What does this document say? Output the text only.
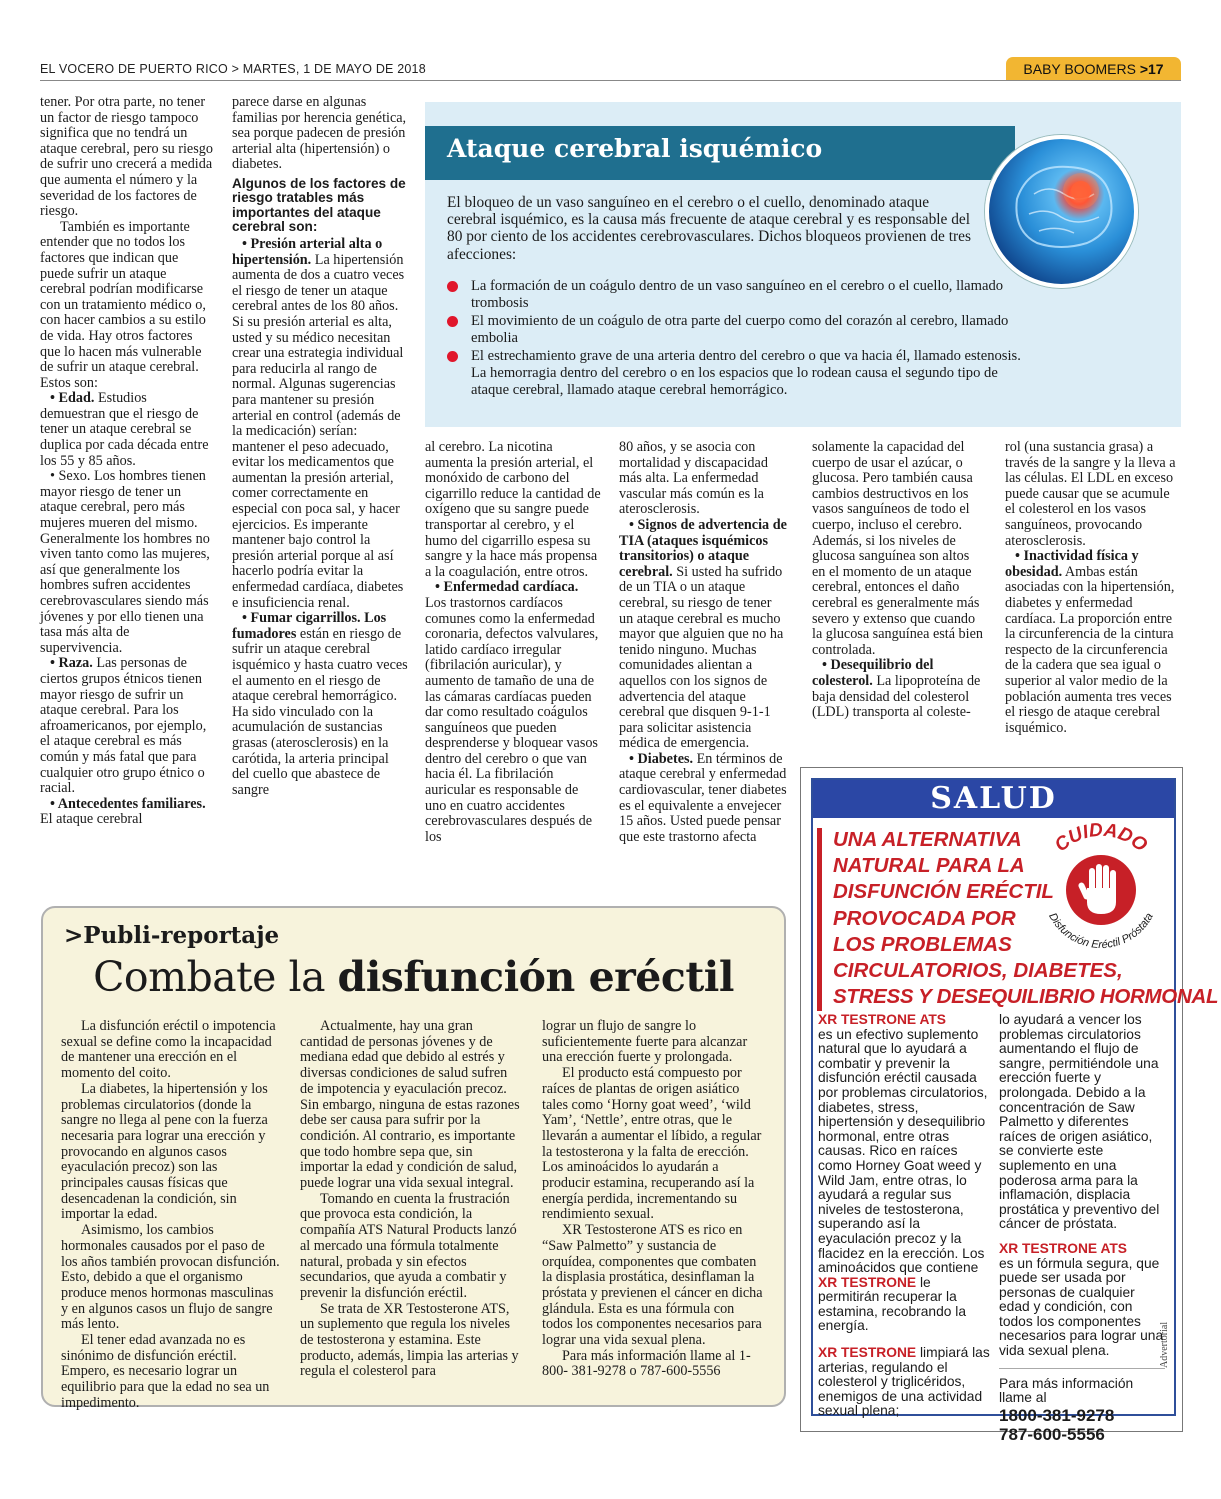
EL VOCERO DE PUERTO RICO > MARTES, 1 DE MAYO DE 2018	BABY BOOMERS >17

tener. Por otra parte, no tener un factor de riesgo tampoco significa que no tendrá un ataque cerebral, pero su riesgo de sufrir uno crecerá a medida que aumenta el número y la severidad de los factores de riesgo.

También es importante entender que no todos los factores que indican que puede sufrir un ataque cerebral podrían modificarse con un tratamiento médico o, con hacer cambios a su estilo de vida. Hay otros factores que lo hacen más vulnerable de sufrir un ataque cerebral. Estos son:

• Edad. Estudios demuestran que el riesgo de tener un ataque cerebral se duplica por cada década entre los 55 y 85 años.

• Sexo. Los hombres tienen mayor riesgo de tener un ataque cerebral, pero más mujeres mueren del mismo. Generalmente los hombres no viven tanto como las mujeres, así que generalmente los hombres sufren accidentes cerebrovasculares siendo más jóvenes y por ello tienen una tasa más alta de supervivencia.

• Raza. Las personas de ciertos grupos étnicos tienen mayor riesgo de sufrir un ataque cerebral. Para los afroamericanos, por ejemplo, el ataque cerebral es más común y más fatal que para cualquier otro grupo étnico o racial.

• Antecedentes familiares. El ataque cerebral

parece darse en algunas familias por herencia genética, sea porque padecen de presión arterial alta (hipertensión) o diabetes.

Algunos de los factores de riesgo tratables más importantes del ataque cerebral son:

• Presión arterial alta o hipertensión. La hipertensión aumenta de dos a cuatro veces el riesgo de tener un ataque cerebral antes de los 80 años. Si su presión arterial es alta, usted y su médico necesitan crear una estrategia individual para reducirla al rango de normal. Algunas sugerencias para mantener su presión arterial en control (además de la medicación) serían: mantener el peso adecuado, evitar los medicamentos que aumentan la presión arterial, comer correctamente en especial con poca sal, y hacer ejercicios. Es imperante mantener bajo control la presión arterial porque al así hacerlo podría evitar la enfermedad cardíaca, diabetes e insuficiencia renal.

• Fumar cigarrillos. Los fumadores están en riesgo de sufrir un ataque cerebral isquémico y hasta cuatro veces el aumento en el riesgo de ataque cerebral hemorrágico. Ha sido vinculado con la acumulación de sustancias grasas (aterosclerosis) en la carótida, la arteria principal del cuello que abastece de sangre

Ataque cerebral isquémico
El bloqueo de un vaso sanguíneo en el cerebro o el cuello, denominado ataque cerebral isquémico, es la causa más frecuente de ataque cerebral y es responsable del 80 por ciento de los accidentes cerebrovasculares. Dichos bloqueos provienen de tres afecciones:
La formación de un coágulo dentro de un vaso sanguíneo en el cerebro o el cuello, llamado trombosis
El movimiento de un coágulo de otra parte del cuerpo como del corazón al cerebro, llamado embolia
El estrechamiento grave de una arteria dentro del cerebro o que va hacia él, llamado estenosis. La hemorragia dentro del cerebro o en los espacios que lo rodean causa el segundo tipo de ataque cerebral, llamado ataque cerebral hemorrágico.

al cerebro. La nicotina aumenta la presión arterial, el monóxido de carbono del cigarrillo reduce la cantidad de oxígeno que su sangre puede transportar al cerebro, y el humo del cigarrillo espesa su sangre y la hace más propensa a la coagulación, entre otros.

• Enfermedad cardíaca. Los trastornos cardíacos comunes como la enfermedad coronaria, defectos valvulares, latido cardíaco irregular (fibrilación auricular), y aumento de tamaño de una de las cámaras cardíacas pueden dar como resultado coágulos sanguíneos que pueden desprenderse y bloquear vasos dentro del cerebro o que van hacia él. La fibrilación auricular es responsable de uno en cuatro accidentes cerebrovasculares después de los

80 años, y se asocia con mortalidad y discapacidad más alta. La enfermedad vascular más común es la aterosclerosis.

• Signos de advertencia de TIA (ataques isquémicos transitorios) o ataque cerebral. Si usted ha sufrido de un TIA o un ataque cerebral, su riesgo de tener un ataque cerebral es mucho mayor que alguien que no ha tenido ninguno. Muchas comunidades alientan a aquellos con los signos de advertencia del ataque cerebral que disquen 9-1-1 para solicitar asistencia médica de emergencia.

• Diabetes. En términos de ataque cerebral y enfermedad cardiovascular, tener diabetes es el equivalente a envejecer 15 años. Usted puede pensar que este trastorno afecta

solamente la capacidad del cuerpo de usar el azúcar, o glucosa. Pero también causa cambios destructivos en los vasos sanguíneos de todo el cuerpo, incluso el cerebro. Además, si los niveles de glucosa sanguínea son altos en el momento de un ataque cerebral, entonces el daño cerebral es generalmente más severo y extenso que cuando la glucosa sanguínea está bien controlada.

• Desequilibrio del colesterol. La lipoproteína de baja densidad del colesterol (LDL) transporta al coleste-

rol (una sustancia grasa) a través de la sangre y la lleva a las células. El LDL en exceso puede causar que se acumule el colesterol en los vasos sanguíneos, provocando aterosclerosis.

• Inactividad física y obesidad. Ambas están asociadas con la hipertensión, diabetes y enfermedad cardíaca. La proporción entre la circunferencia de la cintura respecto de la circunferencia de la cadera que sea igual o superior al valor medio de la población aumenta tres veces el riesgo de ataque cerebral isquémico.

SALUD
UNA ALTERNATIVA
NATURAL PARA LA
DISFUNCIÓN ERÉCTIL
PROVOCADA POR
LOS PROBLEMAS
CIRCULATORIOS, DIABETES,
STRESS Y DESEQUILIBRIO HORMONAL
CUIDADO
Disfunción Eréctil Próstata
XR TESTRONE ATS
es un efectivo suplemento natural que lo ayudará a combatir y prevenir la disfunción eréctil causada por problemas circulatorios, diabetes, stress, hipertensión y desequilibrio hormonal, entre otras causas. Rico en raíces como Horney Goat weed y Wild Jam, entre otras, lo ayudará a regular sus niveles de testosterona, superando así la eyaculación precoz y la flacidez en la erección. Los aminoácidos que contiene
XR TESTRONE le permitirán recuperar la estamina, recobrando la energía.
XR TESTRONE limpiará las arterias, regulando el colesterol y triglicéridos, enemigos de una actividad sexual plena;
lo ayudará a vencer los problemas circulatorios aumentando el flujo de sangre, permitiéndole una erección fuerte y prolongada. Debido a la concentración de Saw Palmetto y diferentes raíces de origen asiático, se convierte este suplemento en una poderosa arma para la inflamación, displacia prostática y preventivo del cáncer de próstata.
XR TESTRONE ATS
es un fórmula segura, que puede ser usada por personas de cualquier edad y condición, con todos los componentes necesarios para lograr una vida sexual plena.
Para más información llame al
1800-381-9278
787-600-5556
Advertorial
>Publi-reportaje
Combate la disfunción eréctil

La disfunción eréctil o impotencia sexual se define como la incapacidad de mantener una erección en el momento del coito.

La diabetes, la hipertensión y los problemas circulatorios (donde la sangre no llega al pene con la fuerza necesaria para lograr una erección y provocando en algunos casos eyaculación precoz) son las principales causas físicas que desencadenan la condición, sin importar la edad.

Asimismo, los cambios hormonales causados por el paso de los años también provocan disfunción. Esto, debido a que el organismo produce menos hormonas masculinas y en algunos casos un flujo de sangre más lento.

El tener edad avanzada no es sinónimo de disfunción eréctil. Empero, es necesario lograr un equilibrio para que la edad no sea un impedimento.

Actualmente, hay una gran cantidad de personas jóvenes y de mediana edad que debido al estrés y diversas condiciones de salud sufren de impotencia y eyaculación precoz. Sin embargo, ninguna de estas razones debe ser causa para sufrir por la condición. Al contrario, es importante que todo hombre sepa que, sin importar la edad y condición de salud, puede lograr una vida sexual integral.

Tomando en cuenta la frustración que provoca esta condición, la compañía ATS Natural Products lanzó al mercado una fórmula totalmente natural, probada y sin efectos secundarios, que ayuda a combatir y prevenir la disfunción eréctil.

Se trata de XR Testosterone ATS, un suplemento que regula los niveles de testosterona y estamina. Este producto, además, limpia las arterias y regula el colesterol para

lograr un flujo de sangre lo suficientemente fuerte para alcanzar una erección fuerte y prolongada.

El producto está compuesto por raíces de plantas de origen asiático tales como ‘Horny goat weed’, ‘wild Yam’, ‘Nettle’, entre otras, que le llevarán a aumentar el líbido, a regular la testosterona y la falta de erección. Los aminoácidos lo ayudarán a producir estamina, recuperando así la energía perdida, incrementando su rendimiento sexual.

XR Testosterone ATS es rico en “Saw Palmetto” y sustancia de orquídea, componentes que combaten la displasia prostática, desinflaman la próstata y previenen el cáncer en dicha glándula. Esta es una fórmula con todos los componentes necesarios para lograr una vida sexual plena.

Para más información llame al 1-800- 381-9278 o 787-600-5556
